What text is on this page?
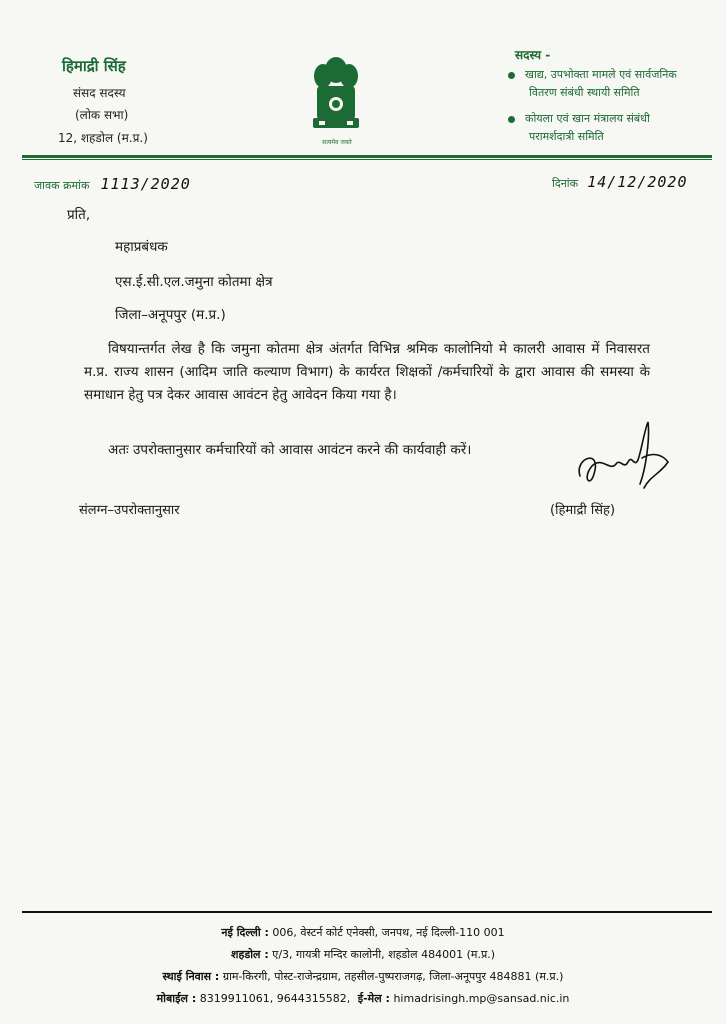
हिमाद्री सिंह
संसद सदस्य
(लोक सभा)
12, शहडोल (म.प्र.)	सत्यमेव जयते
सदस्य -
खाद्य, उपभोक्ता मामले एवं सार्वजनिक
वितरण संबंधी स्थायी समिति
कोयला एवं खान मंत्रालय संबंधी
परामर्शदात्री समिति
जावक क्रमांक 1113/2020	दिनांक 14/12/2020
प्रति,
महाप्रबंधक
एस.ई.सी.एल.जमुना कोतमा क्षेत्र
जिला–अनूपपुर (म.प्र.)
विषयान्तर्गत लेख है कि जमुना कोतमा क्षेत्र अंतर्गत विभिन्न श्रमिक कालोनियो मे कालरी आवास में निवासरत म.प्र. राज्य शासन (आदिम जाति कल्याण विभाग) के कार्यरत शिक्षकों /कर्मचारियों के द्वारा आवास की समस्या के समाधान हेतु पत्र देकर आवास आवंटन हेतु आवेदन किया गया है।
अतः उपरोक्तानुसार कर्मचारियों को आवास आवंटन करने की कार्यवाही करें।
संलग्न–उपरोक्तानुसार	(हिमाद्री सिंह)
नई दिल्ली : 006, वेस्टर्न कोर्ट एनेक्सी, जनपथ, नई दिल्ली-110 001
शहडोल : ए/3, गायत्री मन्दिर कालोनी, शहडोल 484001 (म.प्र.)
स्थाई निवास : ग्राम-किरगी, पोस्ट-राजेन्द्रग्राम, तहसील-पुष्पराजगढ़, जिला-अनूपपुर 484881 (म.प्र.)
मोबाईल : 8319911061, 9644315582, ई-मेल : himadrisingh.mp@sansad.nic.in
